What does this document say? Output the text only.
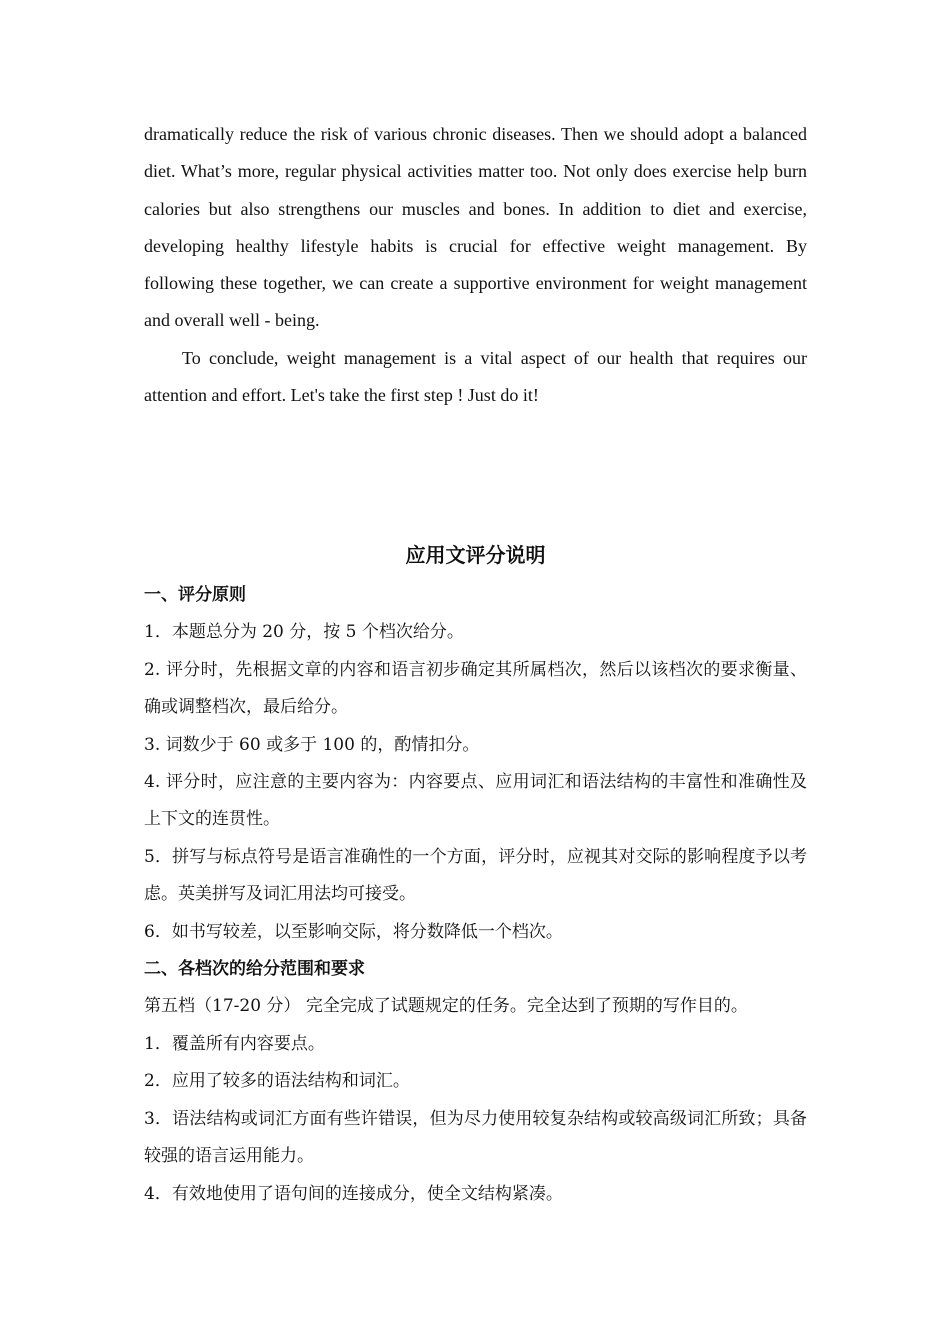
dramatically reduce the risk of various chronic diseases. Then we should adopt a balanced diet. What’s more, regular physical activities matter too. Not only does exercise help burn calories but also strengthens our muscles and bones. In addition to diet and exercise, developing healthy lifestyle habits is crucial for effective weight management. By following these together, we can create a supportive environment for weight management and overall well - being.

To conclude, weight management is a vital aspect of our health that requires our attention and effort. Let's take the first step ! Just do it!

应用文评分说明

一、评分原则

1．本题总分为 20 分，按 5 个档次给分。

2. 评分时，先根据文章的内容和语言初步确定其所属档次，然后以该档次的要求衡量、确或调整档次，最后给分。

3. 词数少于 60 或多于 100 的，酌情扣分。

4. 评分时，应注意的主要内容为：内容要点、应用词汇和语法结构的丰富性和准确性及上下文的连贯性。

5．拼写与标点符号是语言准确性的一个方面，评分时，应视其对交际的影响程度予以考虑。英美拼写及词汇用法均可接受。

6．如书写较差，以至影响交际，将分数降低一个档次。

二、各档次的给分范围和要求

第五档（17-20 分） 完全完成了试题规定的任务。完全达到了预期的写作目的。

1．覆盖所有内容要点。

2．应用了较多的语法结构和词汇。

3．语法结构或词汇方面有些许错误，但为尽力使用较复杂结构或较高级词汇所致；具备较强的语言运用能力。

4．有效地使用了语句间的连接成分，使全文结构紧凑。
